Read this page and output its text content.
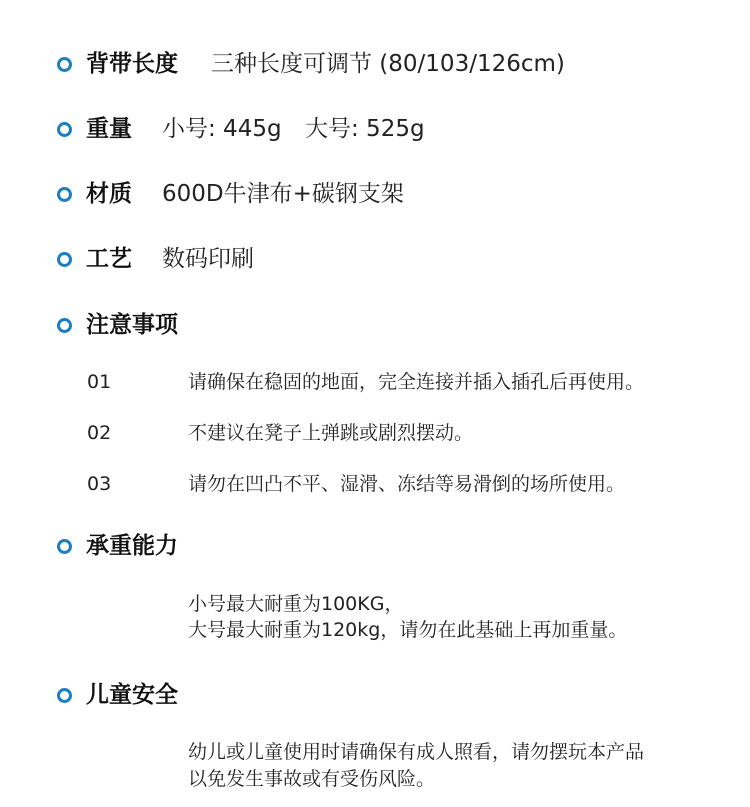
背带长度 三种长度可调节 (80/103/126cm)
重量 小号: 445g 大号: 525g
材质 600D牛津布+碳钢支架
工艺 数码印刷
注意事项
01	请确保在稳固的地面，完全连接并插入插孔后再使用。
02	不建议在凳子上弹跳或剧烈摆动。
03	请勿在凹凸不平、湿滑、冻结等易滑倒的场所使用。
承重能力
小号最大耐重为100KG，
大号最大耐重为120kg，请勿在此基础上再加重量。
儿童安全
幼儿或儿童使用时请确保有成人照看，请勿摆玩本产品
以免发生事故或有受伤风险。
